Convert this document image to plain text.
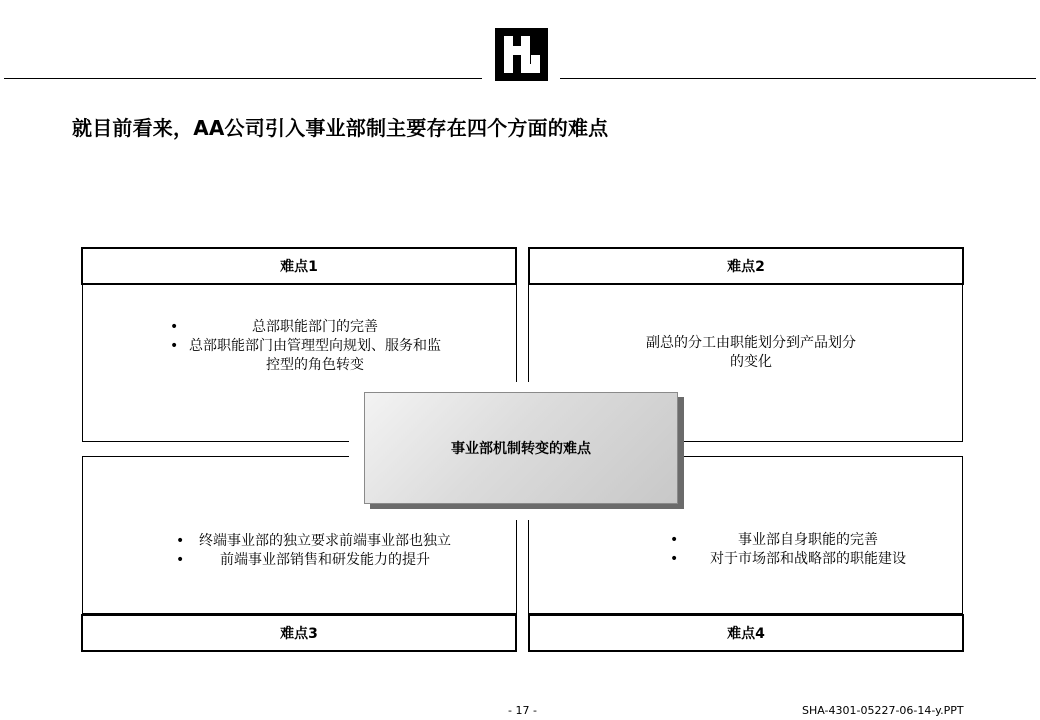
就目前看来，AA公司引入事业部制主要存在四个方面的难点
难点1	难点2
难点3	难点4
•	总部职能部门的完善
• 总部职能部门由管理型向规划、服务和监控型的角色转变
副总的分工由职能划分到产品划分的变化
• 终端事业部的独立要求前端事业部也独立
•	前端事业部销售和研发能力的提升
•	事业部自身职能的完善
• 对于市场部和战略部的职能建设
事业部机制转变的难点
- 17 -	SHA-4301-05227-06-14-y.PPT
